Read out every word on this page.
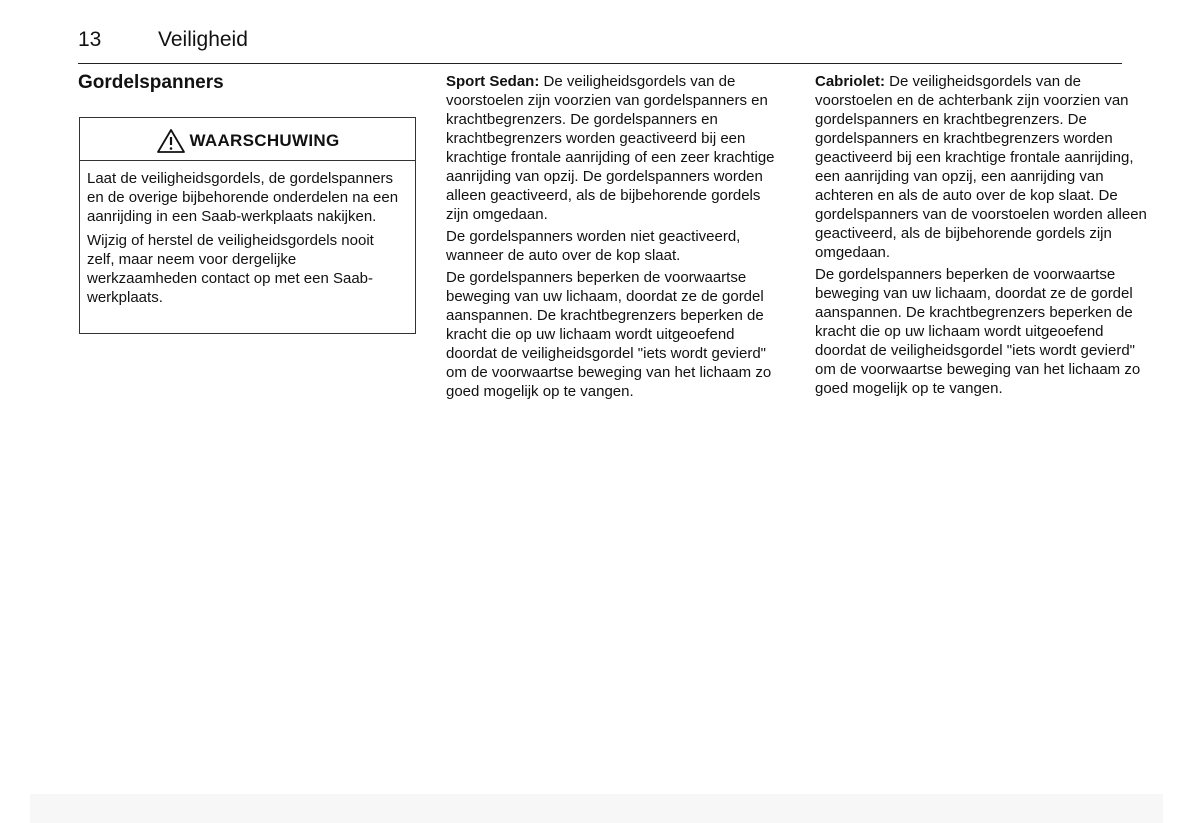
13	Veiligheid
Gordelspanners
WAARSCHUWING

Laat de veiligheidsgordels, de gordelspanners en de overige bijbehorende onderdelen na een aanrijding in een Saab-werkplaats nakijken.

Wijzig of herstel de veiligheidsgordels nooit zelf, maar neem voor dergelijke werkzaamheden contact op met een Saab-werkplaats.

Sport Sedan: De veiligheidsgordels van de voorstoelen zijn voorzien van gordelspanners en krachtbegrenzers. De gordelspanners en krachtbegrenzers worden geactiveerd bij een krachtige frontale aanrijding of een zeer krachtige aanrijding van opzij. De gordelspanners worden alleen geactiveerd, als de bijbehorende gordels zijn omgedaan.

De gordelspanners worden niet geactiveerd, wanneer de auto over de kop slaat.

De gordelspanners beperken de voorwaartse beweging van uw lichaam, doordat ze de gordel aanspannen. De krachtbegrenzers beperken de kracht die op uw lichaam wordt uitgeoefend doordat de veiligheidsgordel "iets wordt gevierd" om de voorwaartse beweging van het lichaam zo goed mogelijk op te vangen.

Cabriolet: De veiligheidsgordels van de voorstoelen en de achterbank zijn voorzien van gordelspanners en krachtbegrenzers. De gordelspanners en krachtbegrenzers worden geactiveerd bij een krachtige frontale aanrijding, een aanrijding van opzij, een aanrijding van achteren en als de auto over de kop slaat. De gordelspanners van de voorstoelen worden alleen geactiveerd, als de bijbehorende gordels zijn omgedaan.

De gordelspanners beperken de voorwaartse beweging van uw lichaam, doordat ze de gordel aanspannen. De krachtbegrenzers beperken de kracht die op uw lichaam wordt uitgeoefend doordat de veiligheidsgordel "iets wordt gevierd" om de voorwaartse beweging van het lichaam zo goed mogelijk op te vangen.
